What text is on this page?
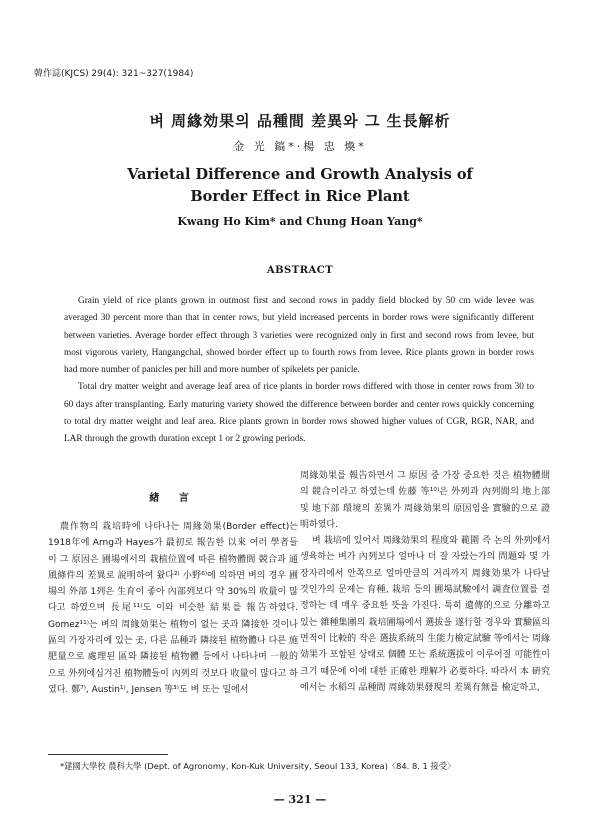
韓作誌(KJCS) 29(4): 321~327(1984)
벼 周緣効果의 品種間 差異와 그 生長解析
金 光 鎬*·楊 忠 煥*
Varietal Difference and Growth Analysis of
Border Effect in Rice Plant
Kwang Ho Kim* and Chung Hoan Yang*
ABSTRACT

Grain yield of rice plants grown in outmost first and second rows in paddy field blocked by 50 cm wide levee was averaged 30 percent more than that in center rows, but yield increased percents in border rows were significantly different between varieties. Average border effect through 3 varieties were recognized only in first and second rows from levee, but most vigorous variety, Hangangchal, showed border effect up to fourth rows from levee. Rice plants grown in border rows had more number of panicles per hill and more number of spikelets per panicle.

Total dry matter weight and average leaf area of rice plants in border rows differed with those in center rows from 30 to 60 days after transplanting. Early maturing variety showed the difference between border and center rows quickly concerning to total dry matter weight and leaf area. Rice plants grown in border rows showed higher values of CGR, RGR, NAR, and LAR through the growth duration except 1 or 2 growing periods.

緖 言

農作物의 栽培時에 나타나는 周緣効果(Border effect)는 1918年에 Arng과 Hayes가 最初로 報告한 以來 여러 學者들이 그 原因은 圃場에서의 栽植位置에 따른 植物體間 競合과 通風條件의 差異로 說明하여 왔다²⁾ 小野⁶⁾에 의하면 벼의 경우 圃場의 外部 1列은 生育이 좋아 內部列보다 약 30%의 收量이 많다고 하였으며 長尾¹¹⁾도 이와 비슷한 結果를 報告하였다. Gomez¹¹⁾는 벼의 周緣効果는 植物이 없는 곳과 隣接한 것이나 區의 가장자리에 있는 곳, 다른 品種과 隣接된 植物體나 다른 施肥量으로 處理된 區와 隣接된 植物體 등에서 나타나며 一般的으로 外列에심겨진 植物體들이 內列의 것보다 收量이 많다고 하였다. 鄭⁷⁾, Austin¹⁾, Jensen 等³⁾도 벼 또는 밀에서

周緣効果를 報告하면서 그 原因 중 가장 중요한 것은 植物體間의 競合이라고 하였는데 佐藤 等¹⁰⁾은 外列과 內列間의 地上部 및 地下部 環境의 差異가 周緣効果의 原因임을 實驗的으로 證明하였다.

벼 栽培에 있어서 周緣効果의 程度와 範圍 즉 논의 外列에서 생육하는 벼가 內列보다 얼마나 더 잘 자랐는가의 問題와 몇 가장자리에서 안쪽으로 얼마만큼의 거리까지 周緣効果가 나타날 것인가의 문제는 育種, 栽培 등의 圃場試驗에서 調査位置를 결정하는 데 매우 중요한 뜻을 가진다. 특히 遺傳的으로 分離하고 있는 雜種集團의 栽培圃場에서 選拔을 遂行할 경우와 實驗區의 면적이 比較的 작은 選拔系統의 生能力檢定試驗 等에서는 周緣効果가 포함된 상태로 個體 또는 系統選拔이 이루어질 可能性이 크기 때문에 이에 대한 正確한 理解가 必要하다. 따라서 本 硏究에서는 水稻의 品種間 周緣効果發現의 差異有無를 檢定하고,

*建國大學校 農科大學 (Dept. of Agronomy, Kon-Kuk University, Seoul 133, Korea)〈84. 8. 1 接受〉
— 321 —
